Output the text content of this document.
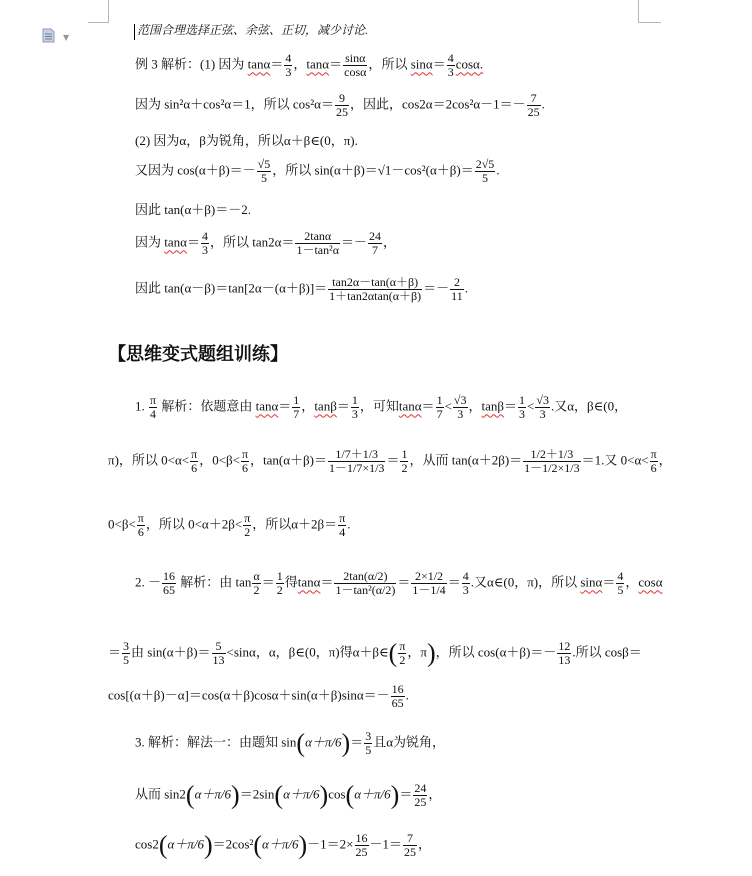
▼
范围合理选择正弦、余弦、正切，减少讨论.
例 3 解析：(1) 因为 $\tan\alpha= \frac{4}{3}$ ，$\tan\alpha= \frac{\sin\alpha}{\cos\alpha}$ ，所以 $\sin\alpha= \frac{4}{3} \cos\alpha$.
因为 sin²α＋cos²α＝1，所以 $\cos^2\alpha= \frac{9}{25}$ ，因此，$\cos 2\alpha=2\cos^2\alpha-1=- \frac{7}{25}$ .
(2) 因为α，β为锐角，所以α＋β∈(0，π).
又因为 $\cos(\alpha+\beta)=- \frac{√5}{5}$ ，所以 $\sin(\alpha+\beta)=√1-\cos^2(\alpha+\beta)= \frac{2√5}{5}$ .
因此 tan(α＋β)＝－2.
因为 $\tan\alpha= \frac{4}{3}$ ，所以 $\tan 2\alpha= \frac{2\tan\alpha}{\text{1－tan²α}} =- \frac{24}{7}$ ，
因此 $\tan(\alpha-\beta)=\tan[2\alpha-(\alpha+\beta)]= \frac{\tan 2\alpha-\tan(\alpha+\beta)}{1+\tan 2\alpha\tan(\alpha+\beta)} =- \frac{2}{11}$ .
【思维变式题组训练】
1. $\frac{\pi}{4}$ 解析：依题意由 $\tan\alpha= \frac{1}{7}$ ，$\tan\beta= \frac{1}{3}$ ，可知$\tan\alpha= \frac{1}{7} < \frac{√3}{3}$ ，$\tan\beta= \frac{1}{3} < \frac{√3}{3}$ .又α，β∈(0，
π)，所以 $0<\alpha< \frac{\pi}{6}$ ，$0<\beta< \frac{\pi}{6}$ ，$\tan(\alpha+\beta)= \frac{1/7+1/3}{1-1/7\times 1/3} = \frac{1}{2}$ ，从而 $\tan(\alpha+2\beta)= \frac{1/2+1/3}{1-1/2\times 1/3} =1$.又 $0<\alpha< \frac{\pi}{6}$ ，
$0<\beta< \frac{\pi}{6}$ ，所以 $0<\alpha+2\beta< \frac{\pi}{2}$ ，所以$\alpha+2\beta= \frac{\pi}{4}$ .
2. － $\frac{16}{65}$ 解析：由 $\tan \frac{\alpha}{2} = \frac{1}{2}$ 得$\tan\alpha= \frac{2\tan(\alpha/2)}{\text{1－tan²(α/2)}} = \frac{2\times 1/2}{1-1/4} = \frac{4}{3}$ .又α∈(0，π)，所以 $\sin\alpha= \frac{4}{5}$ ，cosα
＝ $\frac{3}{5}$ 由 $\sin(\alpha+\beta)= \frac{5}{13} <\sin\alpha$，α，β∈(0，π)得α＋β∈( $\frac{\pi}{2}$ ，π)，所以 $\cos(\alpha+\beta)=- \frac{12}{13}$ .所以 cosβ＝
$\cos[(\alpha+\beta)-\alpha]=\cos(\alpha+\beta)\cos\alpha+\sin(\alpha+\beta)\sin\alpha=- \frac{16}{65}$ .
3. 解析：解法一：由题知 $\sin(\alpha+\pi/6)= \frac{3}{5}$ 且α为锐角，
从而 $\sin 2(\alpha+\pi/6)=2\sin(\alpha+\pi/6)\cos(\alpha+\pi/6)= \frac{24}{25}$ ，
$\cos 2(\alpha+\pi/6)=2\cos^2(\alpha+\pi/6)-1=2\times \frac{16}{25} -1= \frac{7}{25}$ ，
